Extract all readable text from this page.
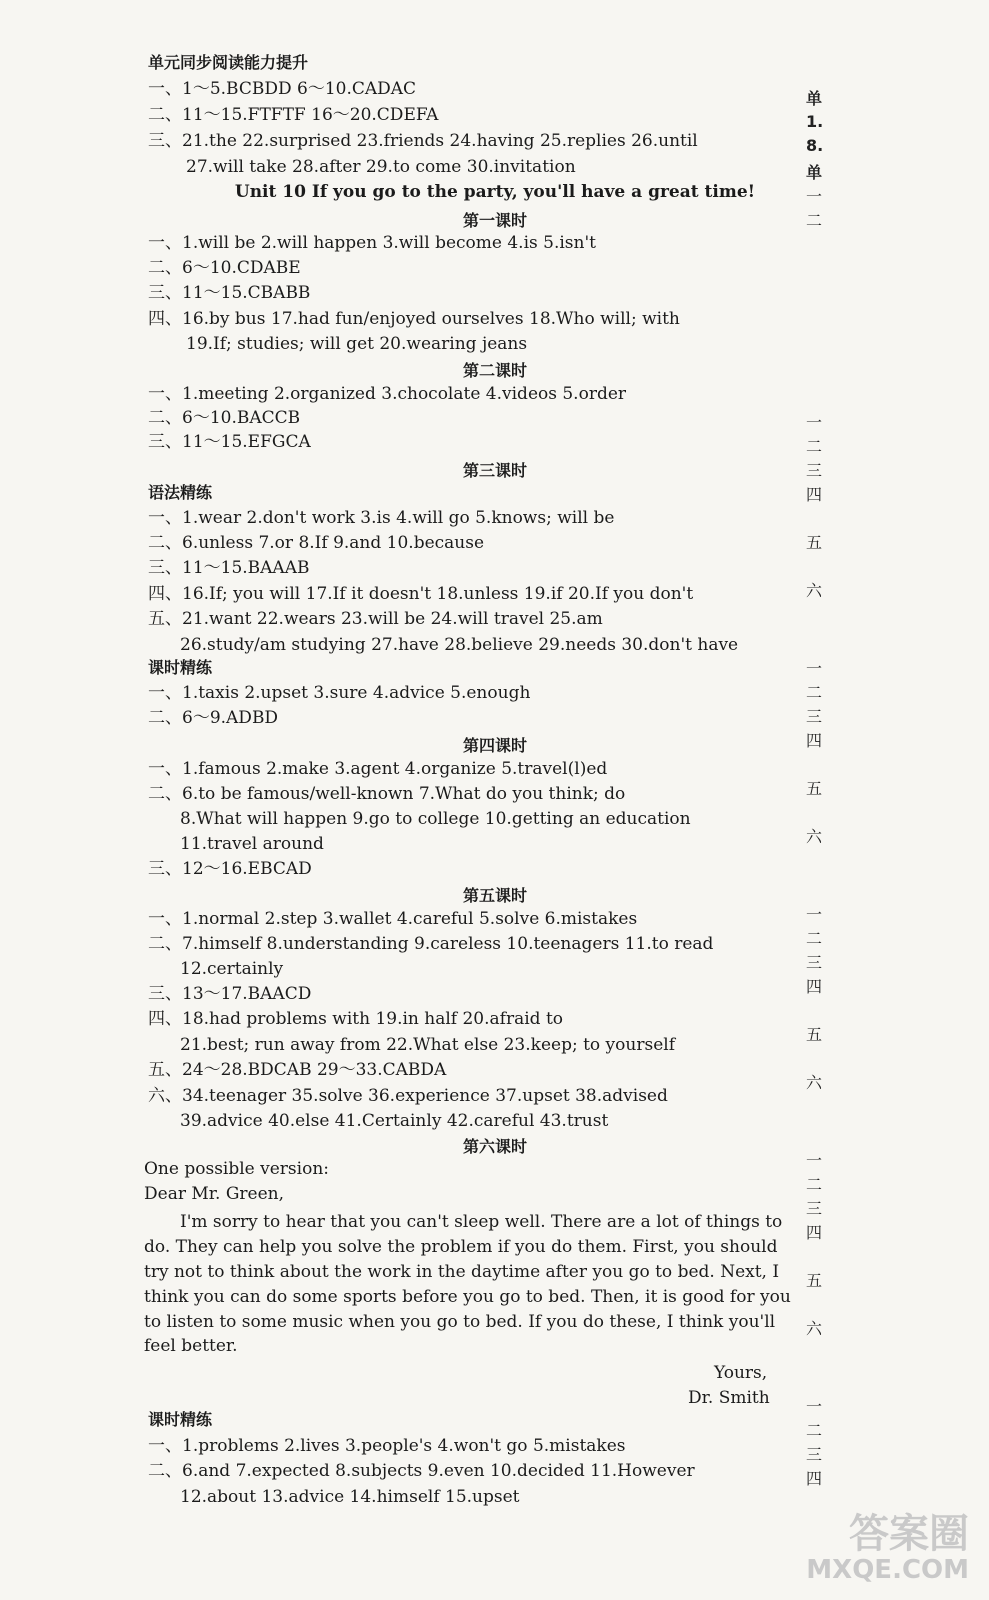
单元同步阅读能力提升
一、1～5.BCBDD 6～10.CADAC
二、11～15.FTFTF 16～20.CDEFA
三、21.the 22.surprised 23.friends 24.having 25.replies 26.until
27.will take 28.after 29.to come 30.invitation
Unit 10 If you go to the party, you'll have a great time!
第一课时
一、1.will be 2.will happen 3.will become 4.is 5.isn't
二、6～10.CDABE
三、11～15.CBABB
四、16.by bus 17.had fun/enjoyed ourselves 18.Who will; with
19.If; studies; will get 20.wearing jeans
第二课时
一、1.meeting 2.organized 3.chocolate 4.videos 5.order
二、6～10.BACCB
三、11～15.EFGCA
第三课时
语法精练
一、1.wear 2.don't work 3.is 4.will go 5.knows; will be
二、6.unless 7.or 8.If 9.and 10.because
三、11～15.BAAAB
四、16.If; you will 17.If it doesn't 18.unless 19.if 20.If you don't
五、21.want 22.wears 23.will be 24.will travel 25.am
26.study/am studying 27.have 28.believe 29.needs 30.don't have
课时精练
一、1.taxis 2.upset 3.sure 4.advice 5.enough
二、6～9.ADBD
第四课时
一、1.famous 2.make 3.agent 4.organize 5.travel(l)ed
二、6.to be famous/well-known 7.What do you think; do
8.What will happen 9.go to college 10.getting an education
11.travel around
三、12～16.EBCAD
第五课时
一、1.normal 2.step 3.wallet 4.careful 5.solve 6.mistakes
二、7.himself 8.understanding 9.careless 10.teenagers 11.to read
12.certainly
三、13～17.BAACD
四、18.had problems with 19.in half 20.afraid to
21.best; run away from 22.What else 23.keep; to yourself
五、24～28.BDCAB 29～33.CABDA
六、34.teenager 35.solve 36.experience 37.upset 38.advised
39.advice 40.else 41.Certainly 42.careful 43.trust
第六课时
One possible version:
Dear Mr. Green,
I'm sorry to hear that you can't sleep well. There are a lot of things to
do. They can help you solve the problem if you do them. First, you should
try not to think about the work in the daytime after you go to bed. Next, I
think you can do some sports before you go to bed. Then, it is good for you
to listen to some music when you go to bed. If you do these, I think you'll
feel better.
Yours,
Dr. Smith
课时精练
一、1.problems 2.lives 3.people's 4.won't go 5.mistakes
二、6.and 7.expected 8.subjects 9.even 10.decided 11.However
12.about 13.advice 14.himself 15.upset
单
1.
8.
单
一
二
一
二
三
四
五
六
一
二
三
四
五
六
一
二
三
四
五
六
一
二
三
四
五
六
一
二
三
四
答案圈
MXQE.COM
